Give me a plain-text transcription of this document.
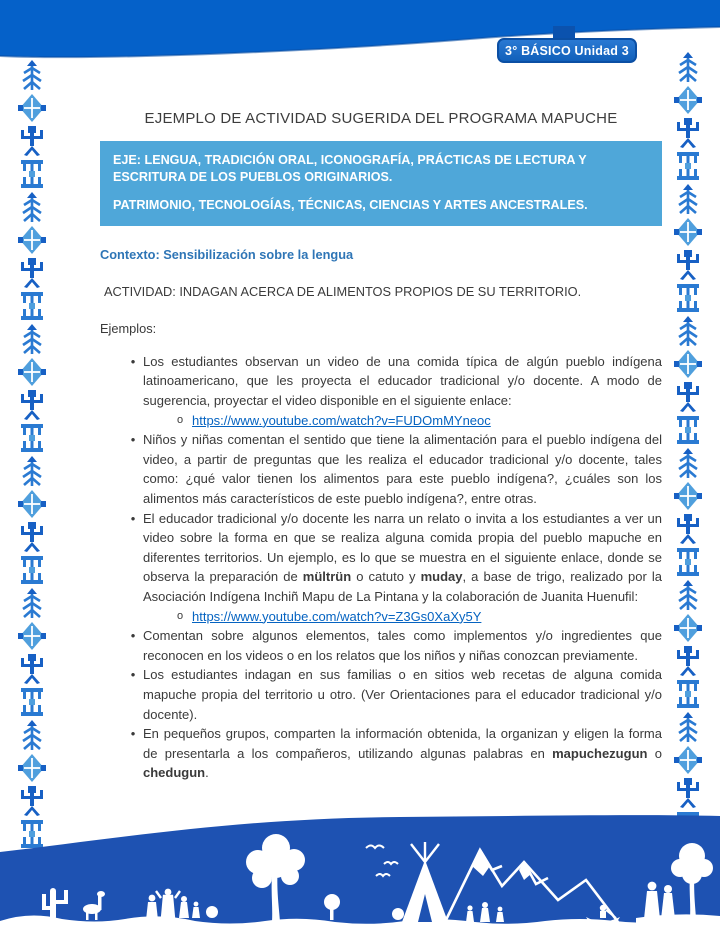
3° BÁSICO Unidad 3
EJEMPLO DE ACTIVIDAD SUGERIDA DEL PROGRAMA MAPUCHE
EJE: LENGUA, TRADICIÓN ORAL, ICONOGRAFÍA, PRÁCTICAS DE LECTURA Y ESCRITURA DE LOS PUEBLOS ORIGINARIOS.
PATRIMONIO, TECNOLOGÍAS, TÉCNICAS, CIENCIAS Y ARTES ANCESTRALES.
Contexto: Sensibilización sobre la lengua
ACTIVIDAD: INDAGAN ACERCA DE ALIMENTOS PROPIOS DE SU TERRITORIO.
Ejemplos:
• Los estudiantes observan un video de una comida típica de algún pueblo indígena latinoamericano, que les proyecta el educador tradicional y/o docente. A modo de sugerencia, proyectar el video disponible en el siguiente enlace:
o https://www.youtube.com/watch?v=FUDOmMYneoc
• Niños y niñas comentan el sentido que tiene la alimentación para el pueblo indígena del video, a partir de preguntas que les realiza el educador tradicional y/o docente, tales como: ¿qué valor tienen los alimentos para este pueblo indígena?, ¿cuáles son los alimentos más característicos de este pueblo indígena?, entre otras.
• El educador tradicional y/o docente les narra un relato o invita a los estudiantes a ver un video sobre la forma en que se realiza alguna comida propia del pueblo mapuche en diferentes territorios. Un ejemplo, es lo que se muestra en el siguiente enlace, donde se observa la preparación de mültrün o catuto y muday, a base de trigo, realizado por la Asociación Indígena Inchiñ Mapu de La Pintana y la colaboración de Juanita Huenufil:
o https://www.youtube.com/watch?v=Z3Gs0XaXy5Y
• Comentan sobre algunos elementos, tales como implementos y/o ingredientes que reconocen en los videos o en los relatos que los niños y niñas conozcan previamente.
• Los estudiantes indagan en sus familias o en sitios web recetas de alguna comida mapuche propia del territorio u otro. (Ver Orientaciones para el educador tradicional y/o docente).
• En pequeños grupos, comparten la información obtenida, la organizan y eligen la forma de presentarla a los compañeros, utilizando algunas palabras en mapuchezugun o chedugun.
